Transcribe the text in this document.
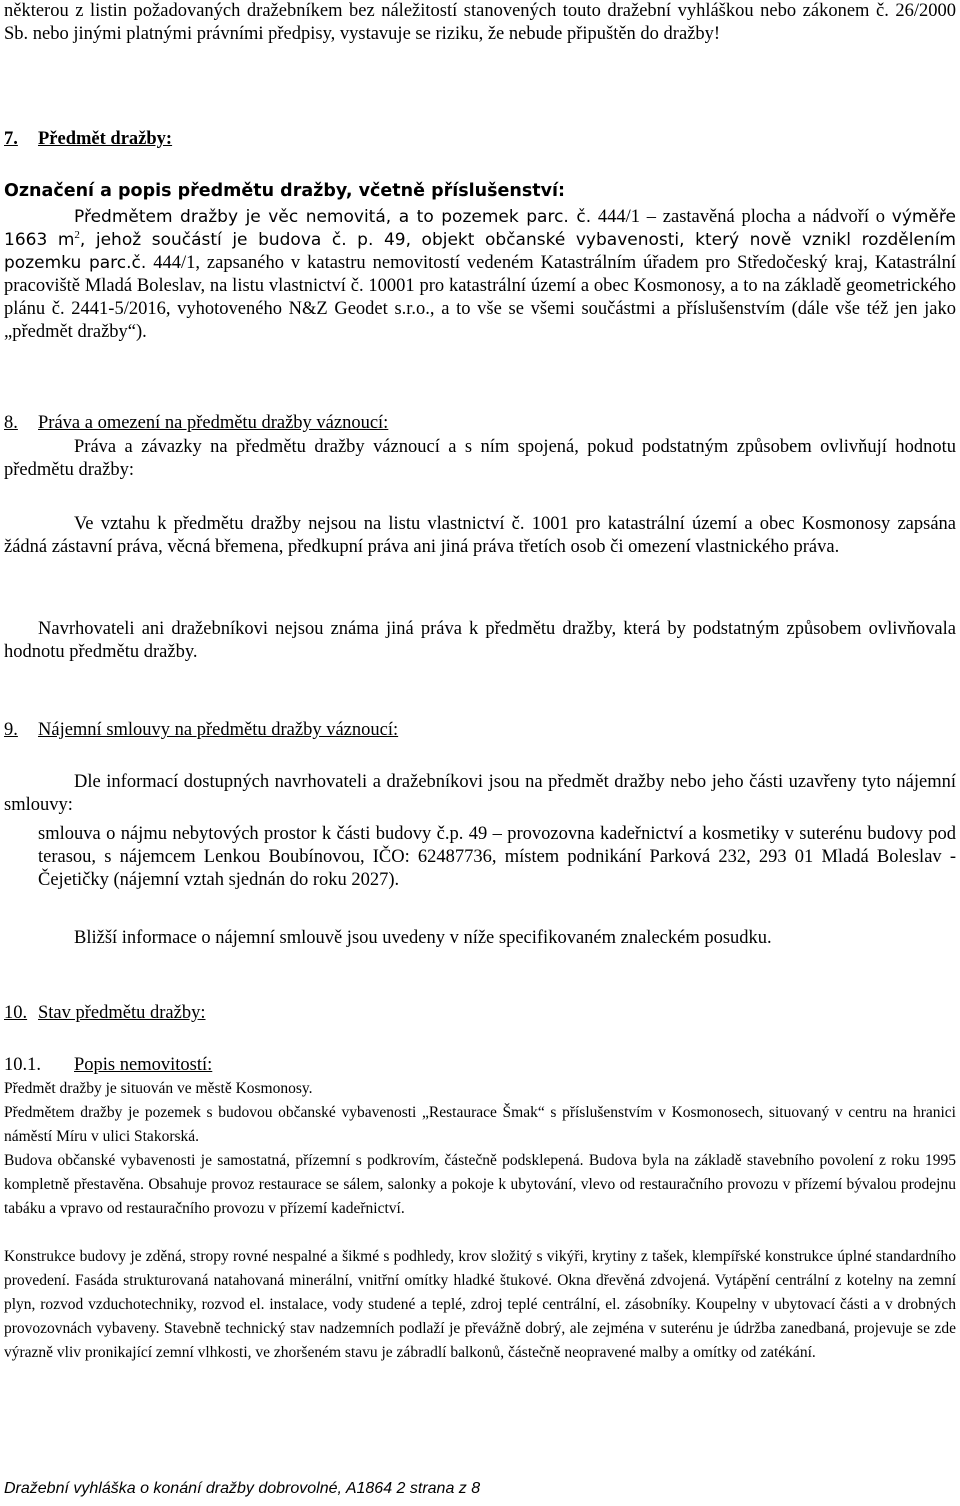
některou z listin požadovaných dražebníkem bez náležitostí stanovených touto dražební vyhláškou nebo zákonem č. 26/2000 Sb. nebo jinými platnými právními předpisy, vystavuje se riziku, že nebude připuštěn do dražby!
7. Předmět dražby:
Označení a popis předmětu dražby, včetně příslušenství:
Předmětem dražby je věc nemovitá, a to pozemek parc. č. 444/1 – zastavěná plocha a nádvoří o výměře 1663 $m^2$, jehož součástí je budova č. p. 49, objekt občanské vybavenosti, který nově vznikl rozdělením pozemku parc.č. 444/1, zapsaného v katastru nemovitostí vedeném Katastrálním úřadem pro Středočeský kraj, Katastrální pracoviště Mladá Boleslav, na listu vlastnictví č. 10001 pro katastrální území a obec Kosmonosy, a to na základě geometrického plánu č. 2441-5/2016, vyhotoveného N&Z Geodet s.r.o., a to vše se všemi součástmi a příslušenstvím (dále vše též jen jako „předmět dražby“).
8. Práva a omezení na předmětu dražby váznoucí:
Práva a závazky na předmětu dražby váznoucí a s ním spojená, pokud podstatným způsobem ovlivňují hodnotu předmětu dražby:
Ve vztahu k předmětu dražby nejsou na listu vlastnictví č. 1001 pro katastrální území a obec Kosmonosy zapsána žádná zástavní práva, věcná břemena, předkupní práva ani jiná práva třetích osob či omezení vlastnického práva.
Navrhovateli ani dražebníkovi nejsou známa jiná práva k předmětu dražby, která by podstatným způsobem ovlivňovala hodnotu předmětu dražby.
9. Nájemní smlouvy na předmětu dražby váznoucí:
Dle informací dostupných navrhovateli a dražebníkovi jsou na předmět dražby nebo jeho části uzavřeny tyto nájemní smlouvy:
smlouva o nájmu nebytových prostor k části budovy č.p. 49 – provozovna kadeřnictví a kosmetiky v suterénu budovy pod terasou, s nájemcem Lenkou Boubínovou, IČO: 62487736, místem podnikání Parková 232, 293 01 Mladá Boleslav - Čejetičky (nájemní vztah sjednán do roku 2027).
Bližší informace o nájemní smlouvě jsou uvedeny v níže specifikovaném znaleckém posudku.
10. Stav předmětu dražby:
10.1. Popis nemovitostí:
Předmět dražby je situován ve městě Kosmonosy.
Předmětem dražby je pozemek s budovou občanské vybavenosti „Restaurace Šmak“ s příslušenstvím v Kosmonosech, situovaný v centru na hranici náměstí Míru v ulici Stakorská.
Budova občanské vybavenosti je samostatná, přízemní s podkrovím, částečně podsklepená. Budova byla na základě stavebního povolení z roku 1995 kompletně přestavěna. Obsahuje provoz restaurace se sálem, salonky a pokoje k ubytování, vlevo od restauračního provozu v přízemí bývalou prodejnu tabáku a vpravo od restauračního provozu v přízemí kadeřnictví.
Konstrukce budovy je zděná, stropy rovné nespalné a šikmé s podhledy, krov složitý s vikýři, krytiny z tašek, klempířské konstrukce úplné standardního provedení. Fasáda strukturovaná natahovaná minerální, vnitřní omítky hladké štukové. Okna dřevěná zdvojená. Vytápění centrální z kotelny na zemní plyn, rozvod vzduchotechniky, rozvod el. instalace, vody studené a teplé, zdroj teplé centrální, el. zásobníky. Koupelny v ubytovací části a v drobných provozovnách vybaveny. Stavebně technický stav nadzemních podlaží je převážně dobrý, ale zejména v suterénu je údržba zanedbaná, projevuje se zde výrazně vliv pronikající zemní vlhkosti, ve zhoršeném stavu je zábradlí balkonů, částečně neopravené malby a omítky od zatékání.
Dražební vyhláška o konání dražby dobrovolné, A1864 2 strana z 8
